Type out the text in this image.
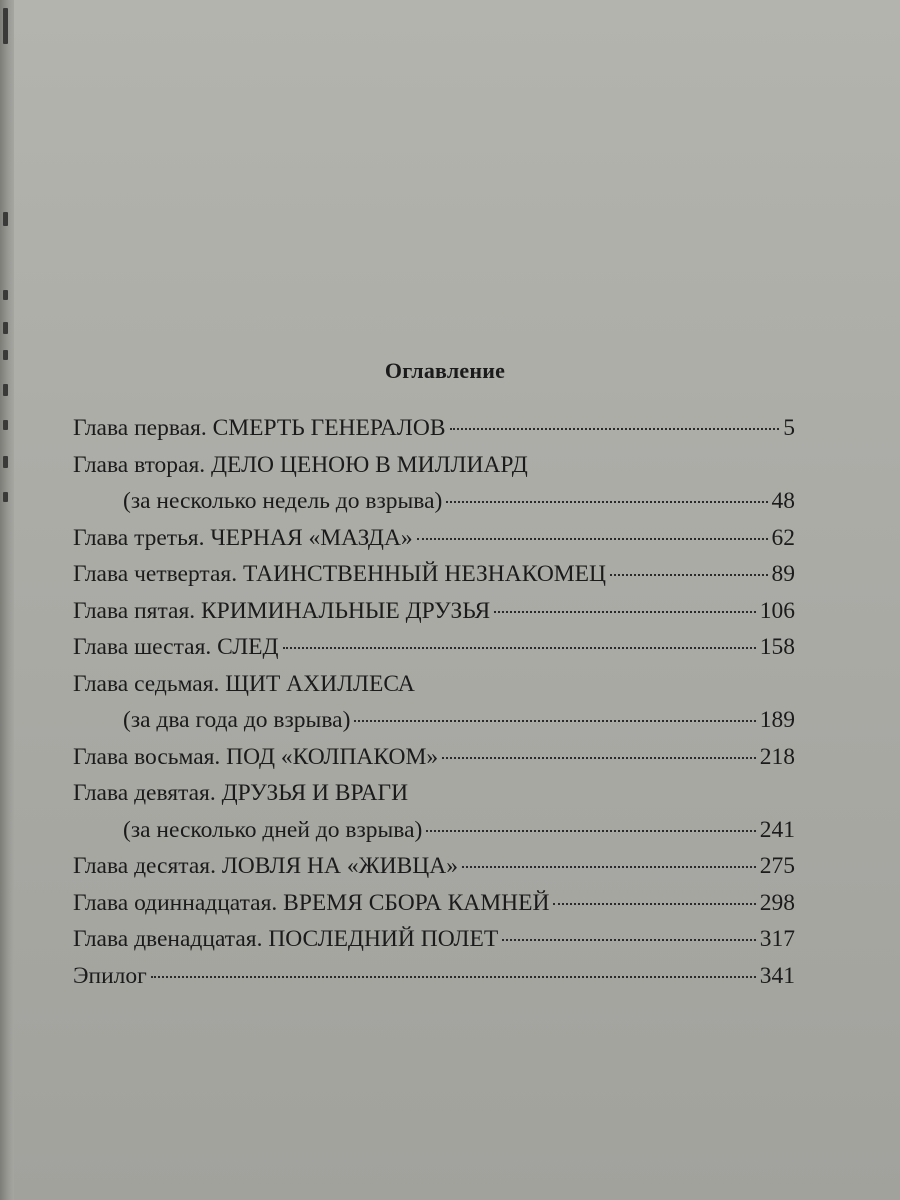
Оглавление
Глава первая. СМЕРТЬ ГЕНЕРАЛОВ	5
Глава вторая. ДЕЛО ЦЕНОЮ В МИЛЛИАРД
(за несколько недель до взрыва)	48
Глава третья. ЧЕРНАЯ «МАЗДА»	62
Глава четвертая. ТАИНСТВЕННЫЙ НЕЗНАКОМЕЦ	89
Глава пятая. КРИМИНАЛЬНЫЕ ДРУЗЬЯ	106
Глава шестая. СЛЕД	158
Глава седьмая. ЩИТ АХИЛЛЕСА
(за два года до взрыва)	189
Глава восьмая. ПОД «КОЛПАКОМ»	218
Глава девятая. ДРУЗЬЯ И ВРАГИ
(за несколько дней до взрыва)	241
Глава десятая. ЛОВЛЯ НА «ЖИВЦА»	275
Глава одиннадцатая. ВРЕМЯ СБОРА КАМНЕЙ	298
Глава двенадцатая. ПОСЛЕДНИЙ ПОЛЕТ	317
Эпилог	341
